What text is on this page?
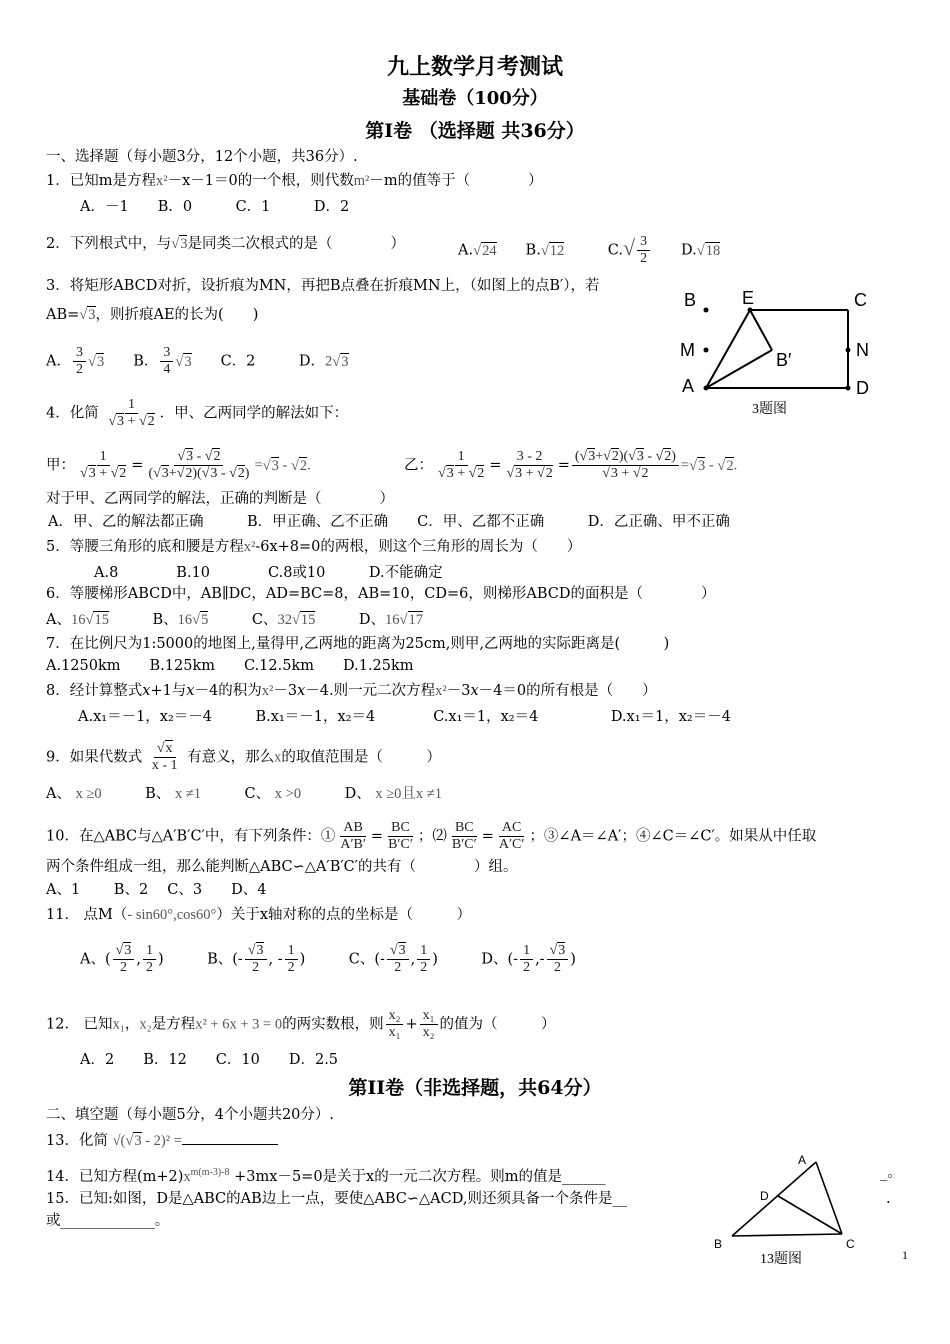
九上数学月考测试
基础卷（100分）
第I卷 （选择题 共36分）
一、选择题（每小题3分，12个小题，共36分）.
1．已知m是方程x²－x－1＝0的一个根，则代数m²－m的值等于（　　　　）
A．－1　　B．0　　　C．1　　　D．2
2．下列根式中，与√ 3是同类二次根式的是（　　　　）	A.√ 24　　B.√ 12　　　$C.√ \frac{3}{2}$ 　　D.√ 18
3．将矩形ABCD对折，设折痕为MN，再把B点叠在折痕MN上，（如图上的点B′），若
AB=√ 3，则折痕AE的长为(　　)
A． $\frac{3}{2}$
√ 3　　B． $\frac{3}{4}$
√ 3　　C．2　　　D．2√ 3
B	E	C
M	N
B′
A	D
3题图
4．化简 1
√ 3 + √ 2 ．甲、乙两同学的解法如下：
甲： 1
√ 3 + √ 2 =
√ $\frac{3 - √ 2}{(√ 3+√ 2)(√ 3 - √ 2)}$ =√ 3 - √ 2.	乙： 1
√ 3 + √ 2 = 3 - 2
√ 3 + √ 2 = (√ 3+√ 2)(√ 3 - √ 2)
√ 3 + √ 2 =√ 3 - √ 2.
对于甲、乙两同学的解法，正确的判断是（　　　　）
A．甲、乙的解法都正确　　　B．甲正确、乙不正确　　C．甲、乙都不正确　　　D．乙正确、甲不正确
5．等腰三角形的底和腰是方程x²-6x+8=0的两根，则这个三角形的周长为（　　）
A.8　　　　B.10　　　　C.8或10　　　D.不能确定
6．等腰梯形ABCD中，AB∥DC，AD=BC=8，AB=10，CD=6，则梯形ABCD的面积是（　　　　）
A、16√ 15　　　B、16√ 5　　　C、32√ 15　　　D、16√ 17
7．在比例尺为1:5000的地图上,量得甲,乙两地的距离为25cm,则甲,乙两地的实际距离是(　　　)
A.1250km　　B.125km　　C.12.5km　　D.1.25km
8．经计算整式x+1与x－4的积为x²－3x－4.则一元二次方程x²－3x－4＝0的所有根是（　　）
A.x₁＝－1，x₂＝－4　　　B.x₁＝－1，x₂＝4　　　　C.x₁＝1，x₂＝4　　　　　D.x₁＝1，x₂＝－4
9．如果代数式
√ $\frac{x}{x - 1}$ 有意义，那么x的取值范围是（　　　）
A、 x ≥0　　　B、 x ≠1　　　C、 x >0　　　D、 x ≥0且x ≠1
10．在△ABC与△A′B′C′中，有下列条件：① $\frac{AB}{A'B'} = \frac{BC}{B'C'}$ ；⑵ $\frac{BC}{B'C'} = \frac{AC}{A'C'}$ ；③∠A＝∠A′；④∠C＝∠C′。如果从中任取
两个条件组成一组，那么能判断△ABC∽△A′B′C′的共有（　　　　）组。
A、1　　 B、2　 C、3　　D、4
11． 点M（- sin60°,cos60°）关于x轴对称的点的坐标是（　　　）
A、(
√ $\frac{3}{2}$ , $\frac{1}{2}$ )　　　B、(-
√ $\frac{3}{2}$ , - $\frac{1}{2}$ )　　　C、(-
√ $\frac{3}{2}$ , $\frac{1}{2}$ )　　　D、(- $\frac{1}{2}$ ,-
√ $\frac{3}{2}$ )
12． 已知x₁，x₂是方程x² + 6x + 3 = 0的两实数根，则 $\frac{\text{x₂}}{\text{x₁}} + \frac{\text{x₁}}{\text{x₂}}$ 的值为（　　　）
A．2　　B．12　　C．10　　D．2.5
第II卷（非选择题，共64分）
二、填空题（每小题5分，4个小题共20分）.
13．化简 √(√ 3 - 2)² =
14．已知方程$(m+2)x^{m(m-3)-8} +3mx-5=0$是关于x的一元二次方程。则m的值是______	_。
15．已知:如图，D是△ABC的AB边上一点，要使△ABC∽△ACD,则还须具备一个条件是__	.
或_____________。
A
D
B	C
13题图	1
